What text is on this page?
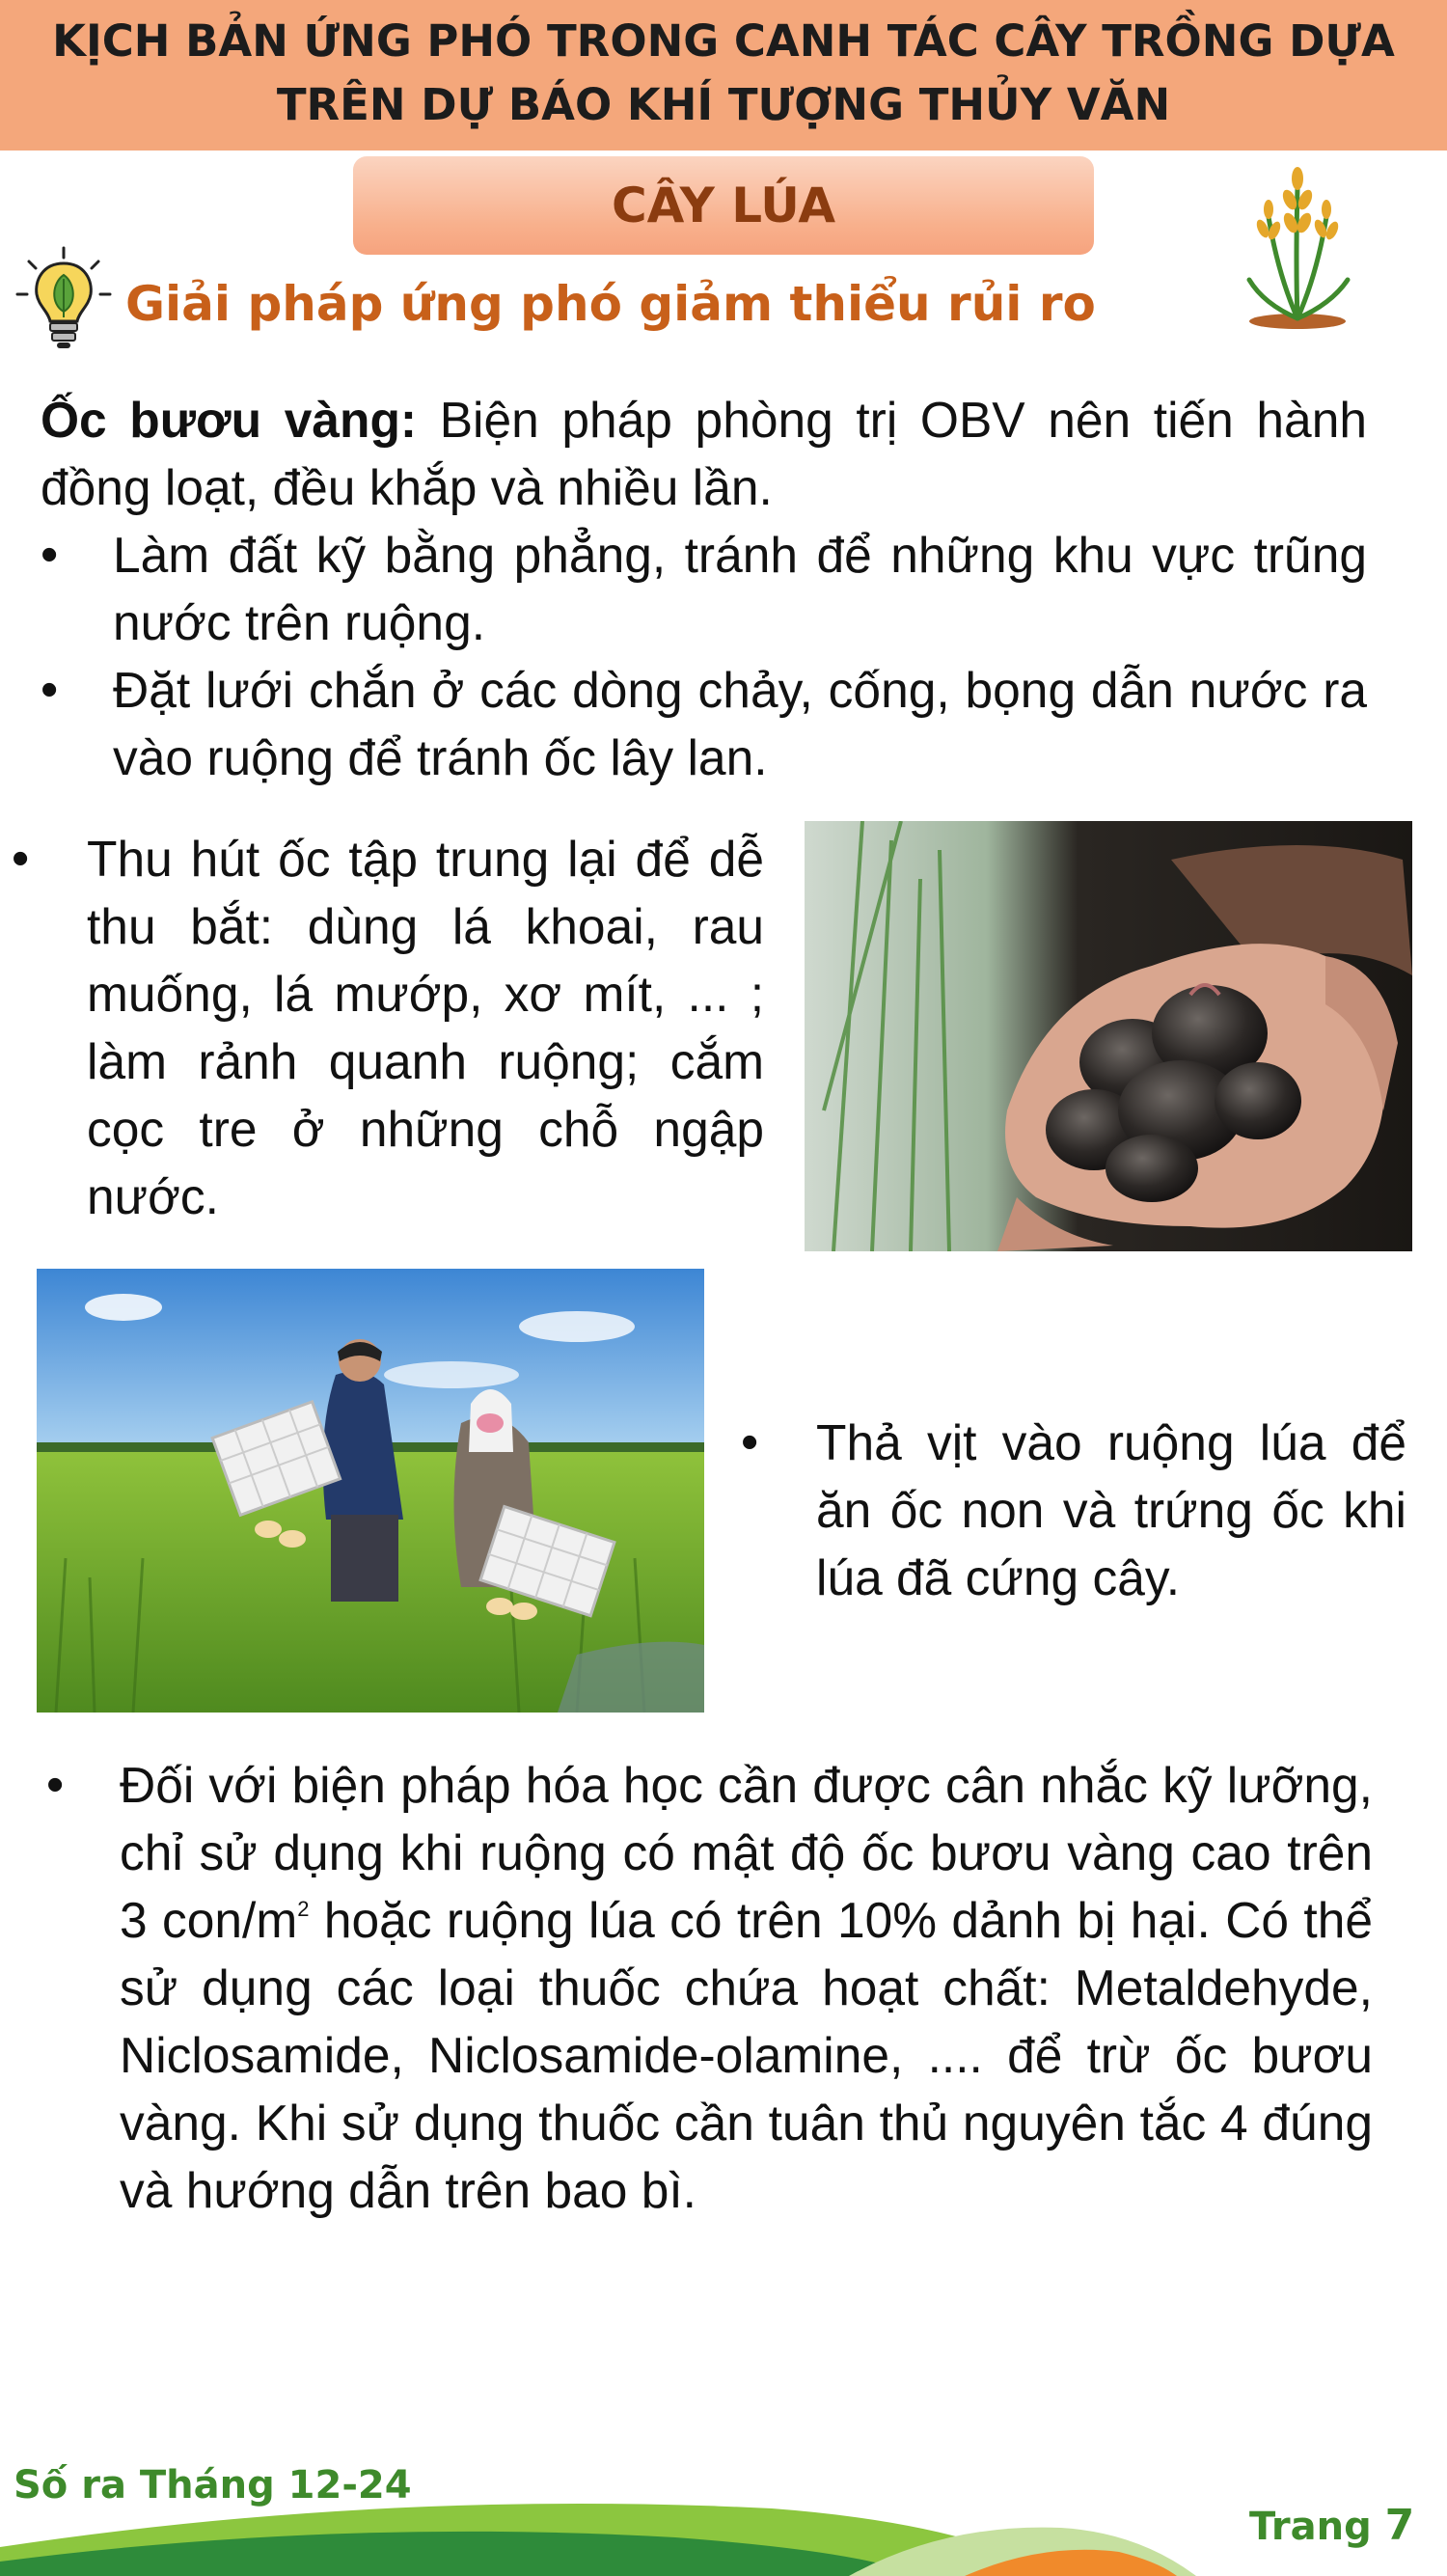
KỊCH BẢN ỨNG PHÓ TRONG CANH TÁC CÂY TRỒNG DỰA
TRÊN DỰ BÁO KHÍ TƯỢNG THỦY VĂN
CÂY LÚA
Giải pháp ứng phó giảm thiểu rủi ro

Ốc bươu vàng: Biện pháp phòng trị OBV nên tiến hành đồng loạt, đều khắp và nhiều lần.

• Làm đất kỹ bằng phẳng, tránh để những khu vực trũng nước trên ruộng.

• Đặt lưới chắn ở các dòng chảy, cống, bọng dẫn nước ra vào ruộng để tránh ốc lây lan.

• Thu hút ốc tập trung lại để dễ thu bắt: dùng lá khoai, rau muống, lá mướp, xơ mít, ... ; làm rảnh quanh ruộng; cắm cọc tre ở những chỗ ngập nước.

• Thả vịt vào ruộng lúa để ăn ốc non và trứng ốc khi lúa đã cứng cây.

• Đối với biện pháp hóa học cần được cân nhắc kỹ lưỡng, chỉ sử dụng khi ruộng có mật độ ốc bươu vàng cao trên 3 con/$m^2$ hoặc ruộng lúa có trên 10% dảnh bị hại. Có thể sử dụng các loại thuốc chứa hoạt chất: Metaldehyde, Niclosamide, Niclosamide-olamine, .... để trừ ốc bươu vàng. Khi sử dụng thuốc cần tuân thủ nguyên tắc 4 đúng và hướng dẫn trên bao bì.

Số ra Tháng 12-24
Trang 7
